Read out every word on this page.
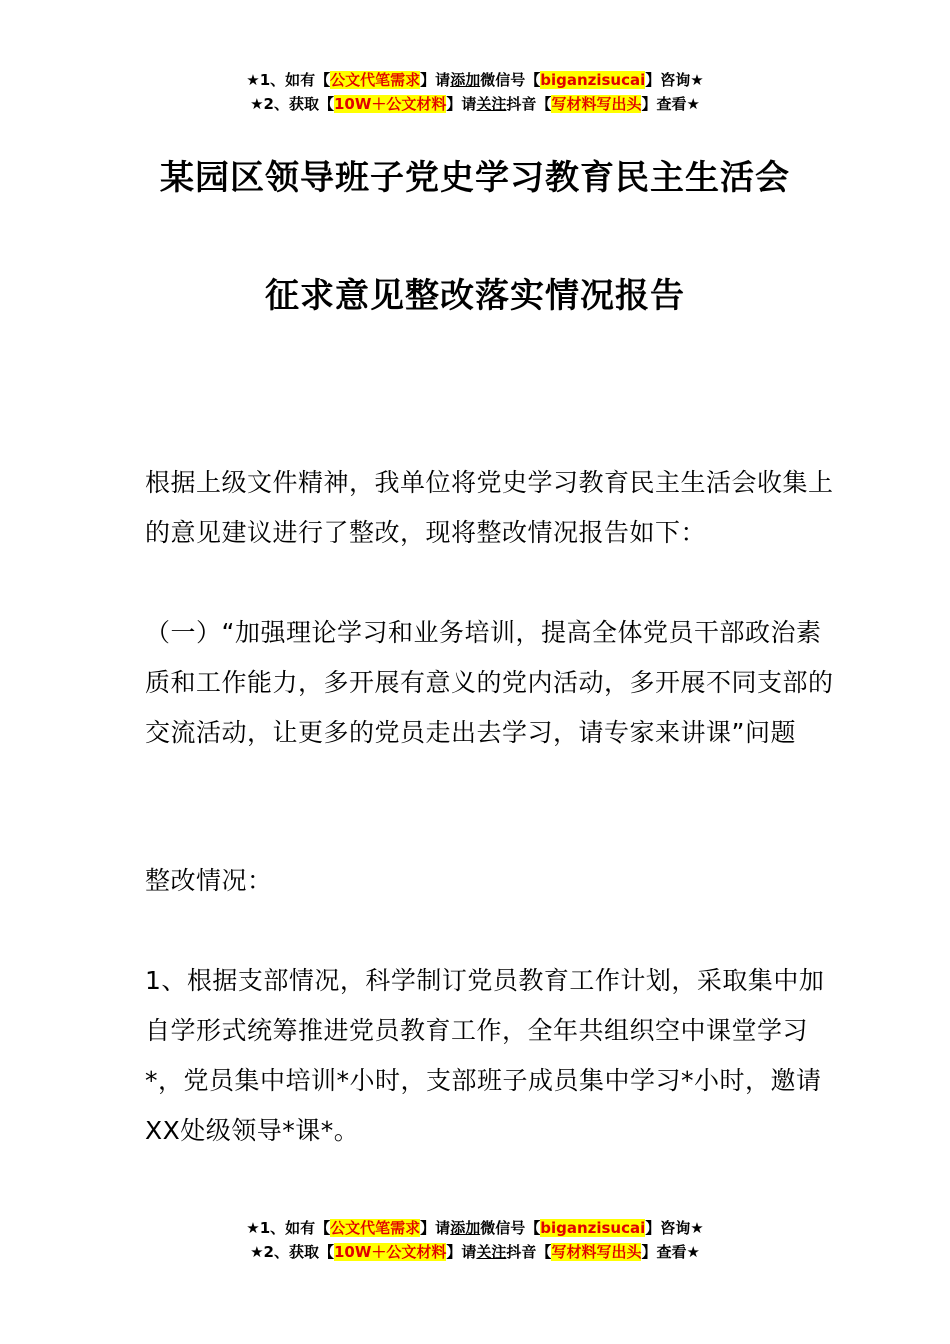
★1、如有【公文代笔需求】请添加微信号【biganzisucai】咨询★
★2、获取【10W＋公文材料】请关注抖音【写材料写出头】查看★
某园区领导班子党史学习教育民主生活会
征求意见整改落实情况报告

根据上级文件精神，我单位将党史学习教育民主生活会收集上的意见建议进行了整改，现将整改情况报告如下：

（一）“加强理论学习和业务培训，提高全体党员干部政治素质和工作能力，多开展有意义的党内活动，多开展不同支部的交流活动，让更多的党员走出去学习，请专家来讲课”问题

整改情况：

1、根据支部情况，科学制订党员教育工作计划，采取集中加自学形式统筹推进党员教育工作，全年共组织空中课堂学习*，党员集中培训*小时，支部班子成员集中学习*小时，邀请XX处级领导*课*。

★1、如有【公文代笔需求】请添加微信号【biganzisucai】咨询★
★2、获取【10W＋公文材料】请关注抖音【写材料写出头】查看★
